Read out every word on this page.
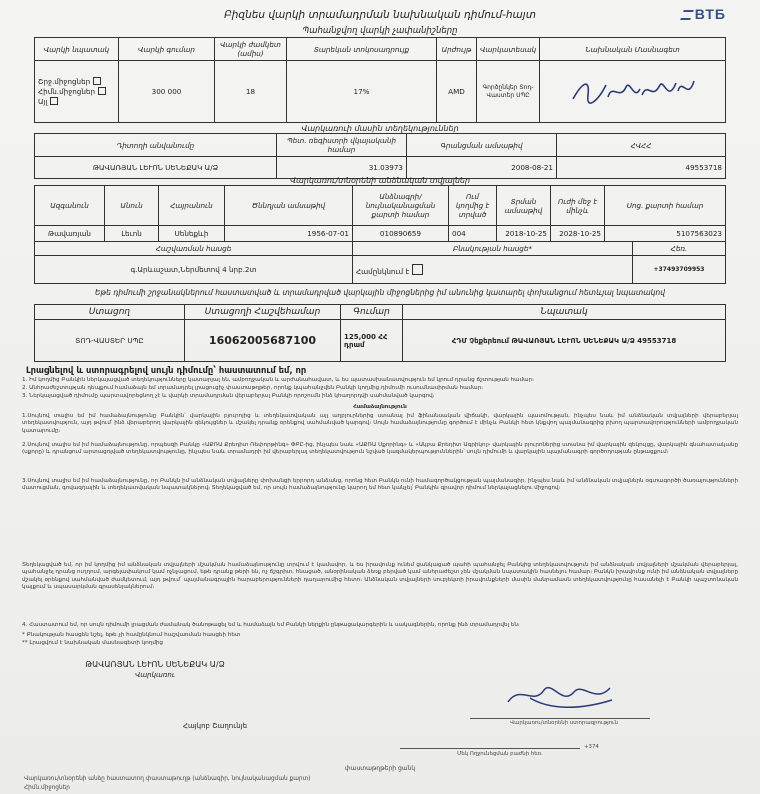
ВТБ
Բիզնես վարկի տրամադրման նախնական դիմում-հայտ
Պահանջվող վարկի չափանիշները
Վարկի նպատակ	Վարկի գումար	Վարկի ժամկետ (ամիս)	Տարեկան տոկոսադրույք	Արժույթ	Վարկատեսակ	Նախնական Մասնագետ

Շրջ.միջոցներ
Հիմն.միջոցներ
Այլ	300 000	18	17%	AMD	Գործընկեր Տոդ-Վաստեր ՍՊԸ	
Վարկառուի մասին տեղեկություններ
Դիտողի անվանումը	Պետ. ռեգիստրի վկայականի համար	Գրանցման ամսաթիվ	ՀՎՀՀ
ԹԱՎԱՌՅԱՆ ԼԵՒՈՆ ՍԵՆԵՔԱԿ Ա/Ձ	31.03973	2008-08-21	49553718
Վարկառու/տնօրենի անձնական տվյալներ
Ազգանուն	Անուն	Հայրանուն	Ծննդյան ամսաթիվ	Անձնագրի/ նույնականացման քարտի համար	Ում կողմից է տրված	Տրման ամսաթիվ	Ուժի մեջ է մինչև	Սոց. քարտի համար
Թավառյան	Լեւոն	Սենեքևի	1956-07-01	010890659	004	2018-10-25	2028-10-25	5107563023
Հաշվառման հասցե	Բնակության հասցե*	Հեռ.
գ.Արևաշատ,Ներմետով 4 նրբ.2տ	Համընկնում է	+37493709953
Եթե դիմումի շրջանակներում հաստատված և տրամադրված վարկային միջոցներից իմ անունից կատարել փոխանցում հետևյալ նպատակով
Ստացող	Ստացողի Հաշվեհամար	Գումար	Նպատակ
ՏՈԴ-ՎԱՍՏԵՐ ՍՊԸ	16062005687100	125,000 ՀՀ դրամ	ՀԴՄ Չեքերեում ԹԱՎԱՌՅԱՆ ԼԵՒՈՆ ՍԵՆԵՔԱԿ Ա/Ձ 49553718
Լրացնելով և ստորագրելով սույն դիմումը՝ հաստատում եմ, որ
1. Իմ կողմից Բանկին ներկայացված տեղեկությունները կատարյալ են, ամբողջական և արժանահավատ, և ես պատասխանատվություն եմ կրում դրանց ճշտության համար։
2. Անհրաժեշտության դեպքում համաձայն եմ տրամադրել լրացուցիչ փաստաթղթեր, որոնք կպահանջվեն Բանկի կողմից դիմումի ուսումնասիրման համար։
3. Ներկայացված դիմումը պարտավորեցնող չէ և վարկի տրամադրման վերաբերյալ Բանկի որոշումն ինձ կհաղորդվի սահմանված կարգով։
Համաձայնություն
1.Սույնով տալիս եմ իմ համաձայնությունը Բանկին՝ վարկային բյուրոյից և տեղեկատվական այլ աղբյուրներից ստանալ իմ ֆինանսական վիճակի, վարկային պատմության, ինչպես նաև իմ անձնական տվյալների վերաբերյալ տեղեկատվություն, այդ թվում՝ ինձ վերաբերող վարկային զեկույցներ և մշակել դրանք օրենքով սահմանված կարգով։ Սույն համաձայնությունը գործում է մինչև Բանկի հետ կնքվող պայմանագրից բխող պարտավորությունների ամբողջական կատարումը։
2.Սույնով տալիս եմ իմ համաձայնությունը, որպեսզի Բանկը «ԱՔՌԱ Քրեդիտ Ռեփորթինգ» ՓԲԸ-ից, ինչպես նաև «ԱՔՌԱ Սքորինգ» և «Ակբա Քրեդիտ Ագրիկոլ» վարկային բյուրոներից ստանա իմ վարկային զեկույցը, վարկային գնահատականը (սքորը) և դրանցում արտացոլված տեղեկատվությունը, ինչպես նաև տրամադրի իմ վերաբերյալ տեղեկատվություն նշված կազմակերպություններին՝ սույն դիմումի և վարկային պայմանագրի գործողության ընթացքում։
3.Սույնով տալիս եմ իմ համաձայնությունը, որ Բանկն իմ անձնական տվյալները փոխանցի երրորդ անձանց, որոնց հետ Բանկն ունի համագործակցության պայմանագիր, ինչպես նաև իմ անձնական տվյալներն օգտագործի ծառայությունների մատուցման, գովազդային և տեղեկատվական նպատակներով։ Տեղեկացված եմ, որ սույն համաձայնությունը կարող եմ հետ կանչել՝ Բանկին գրավոր դիմում ներկայացնելու միջոցով։
Տեղեկացված եմ, որ իմ կողմից իմ անձնական տվյալների մշակման համաձայնությունը տրվում է կամավոր, և ես իրավունք ունեմ ցանկացած պահի պահանջել Բանկից տեղեկատվություն իմ անձնական տվյալների մշակման վերաբերյալ, պահանջել դրանց ուղղում, արգելափակում կամ ոչնչացում, եթե դրանք թերի են, ոչ ճշգրիտ, հնացած, անօրինական ձեռք բերված կամ անհրաժեշտ չեն մշակման նպատակին հասնելու համար։ Բանկն իրավունք ունի իմ անձնական տվյալները մշակել օրենքով սահմանված ժամկետում, այդ թվում՝ պայմանագրային հարաբերությունների դադարումից հետո։ Անձնական տվյալների սուբյեկտի իրավունքների մասին մանրամասն տեղեկատվությունը հասանելի է Բանկի պաշտոնական կայքում և սպասարկման գրասենյակներում։
4. Հաստատում եմ, որ սույն դիմումի լրացման ժամանակ ծանոթացել եմ և համաձայն եմ Բանկի ներքին ընթացակարգերին և սակագներին, որոնք ինձ տրամադրվել են։
* Բնակության հասցեն նշել, եթե չի համընկնում հաշվառման հասցեի հետ
** Լրացվում է նախնական մասնագետի կողմից
ԹԱՎԱՌՅԱՆ ԼԵՒՈՆ ՍԵՆԵՔԱԿ Ա/Ձ
Վարկառու
Վարկառու/տնօրենի ստորագրություն
Հայկոբ Շաղունյե
+374
Մեկ Ողջունեցման բաժնի հեռ.
փաստաթղթերի ցանկ
Վարկառու/տնօրենի անձը հաստատող փաստաթուղթ (անձնագիր, նույնականացման քարտ)
Հիմն.միջոցներ
